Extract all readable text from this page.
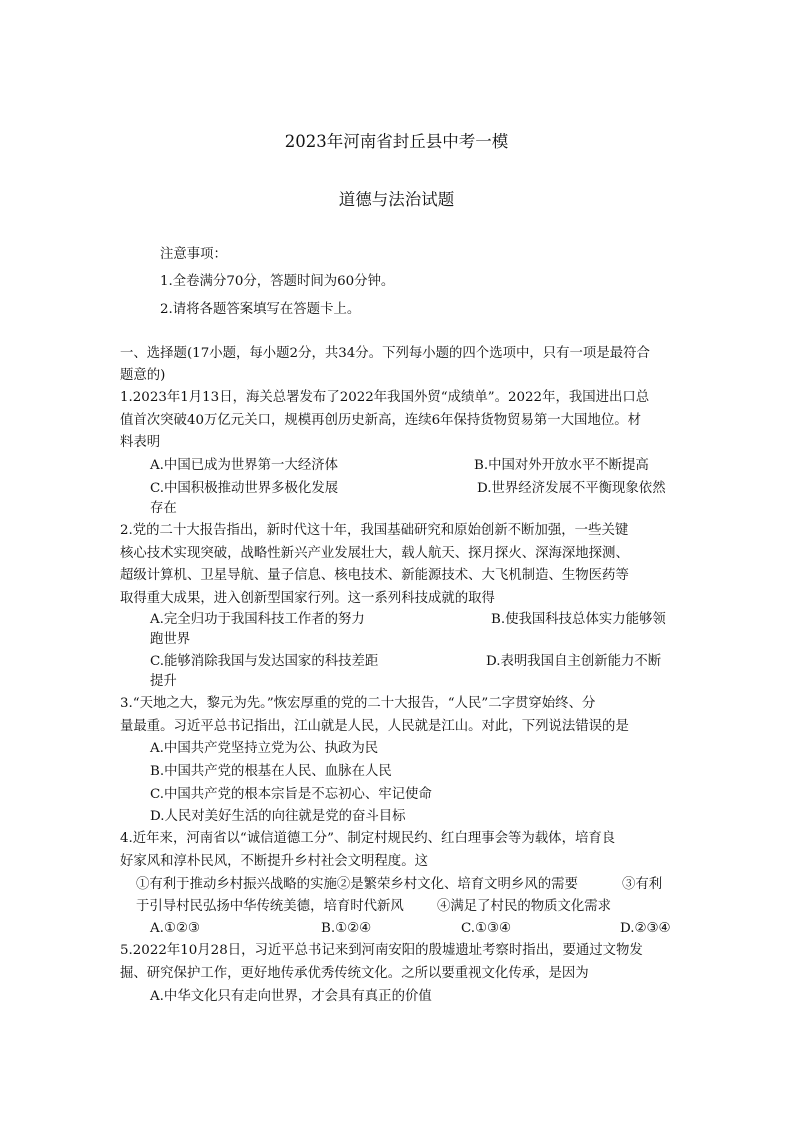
2023年河南省封丘县中考一模
道德与法治试题
注意事项：
1.全卷满分70分，答题时间为60分钟。
2.请将各题答案填写在答题卡上。
一、选择题(17小题，每小题2分，共34分。下列每小题的四个选项中，只有一项是最符合
题意的)
1.2023年1月13日，海关总署发布了2022年我国外贸“成绩单”。2022年，我国进出口总
值首次突破40万亿元关口，规模再创历史新高，连续6年保持货物贸易第一大国地位。材
料表明
A.中国已成为世界第一大经济体	B.中国对外开放水平不断提高
C.中国积极推动世界多极化发展	D.世界经济发展不平衡现象依然
存在
2.党的二十大报告指出，新时代这十年，我国基础研究和原始创新不断加强，一些关键
核心技术实现突破，战略性新兴产业发展壮大，载人航天、探月探火、深海深地探测、
超级计算机、卫星导航、量子信息、核电技术、新能源技术、大飞机制造、生物医药等
取得重大成果，进入创新型国家行列。这一系列科技成就的取得
A.完全归功于我国科技工作者的努力	B.使我国科技总体实力能够领
跑世界
C.能够消除我国与发达国家的科技差距	D.表明我国自主创新能力不断
提升
3.“天地之大，黎元为先。”恢宏厚重的党的二十大报告，“人民”二字贯穿始终、分
量最重。习近平总书记指出，江山就是人民，人民就是江山。对此，下列说法错误的是
A.中国共产党坚持立党为公、执政为民
B.中国共产党的根基在人民、血脉在人民
C.中国共产党的根本宗旨是不忘初心、牢记使命
D.人民对美好生活的向往就是党的奋斗目标
4.近年来，河南省以“诚信道德工分”、制定村规民约、红白理事会等为载体，培育良
好家风和淳朴民风，不断提升乡村社会文明程度。这
①有利于推动乡村振兴战略的实施②是繁荣乡村文化、培育文明乡风的需要	③有利
于引导村民弘扬中华传统美德，培育时代新风 ④满足了村民的物质文化需求
A.①②③	B.①②④	C.①③④	D.②③④
5.2022年10月28日，习近平总书记来到河南安阳的殷墟遗址考察时指出，要通过文物发
掘、研究保护工作，更好地传承优秀传统文化。之所以要重视文化传承，是因为
A.中华文化只有走向世界，才会具有真正的价值
